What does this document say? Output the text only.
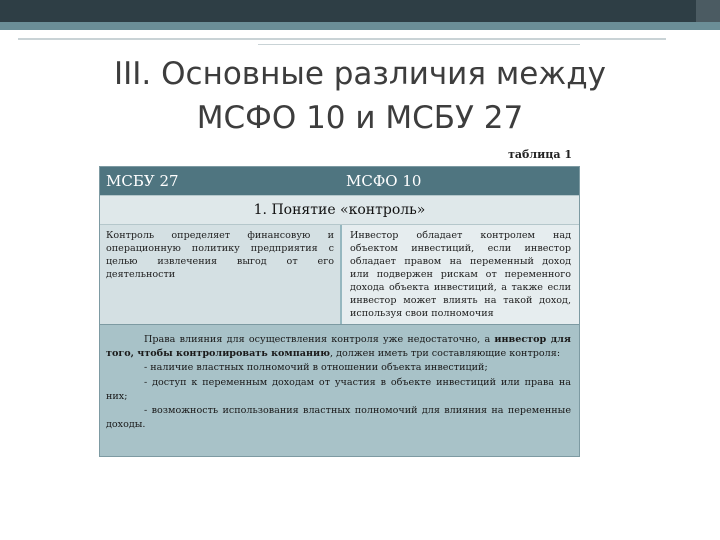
III. Основные различия между
МСФО 10 и МСБУ 27
таблица 1
МСБУ 27	МСФО 10
1. Понятие «контроль»
Контроль определяет финансовую и операционную политику предприятия с целью извлечения выгод от его деятельности
Инвестор обладает контролем над объектом инвестиций, если инвестор обладает правом на переменный доход или подвержен рискам от переменного дохода объекта инвестиций, а также если инвестор может влиять на такой доход, используя свои полномочия

Права влияния для осуществления контроля уже недостаточно, а инвестор для того, чтобы контролировать компанию, должен иметь три составляющие контроля:

- наличие властных полномочий в отношении объекта инвестиций;

- доступ к переменным доходам от участия в объекте инвестиций или права на них;

- возможность использования властных полномочий для влияния на переменные доходы.
